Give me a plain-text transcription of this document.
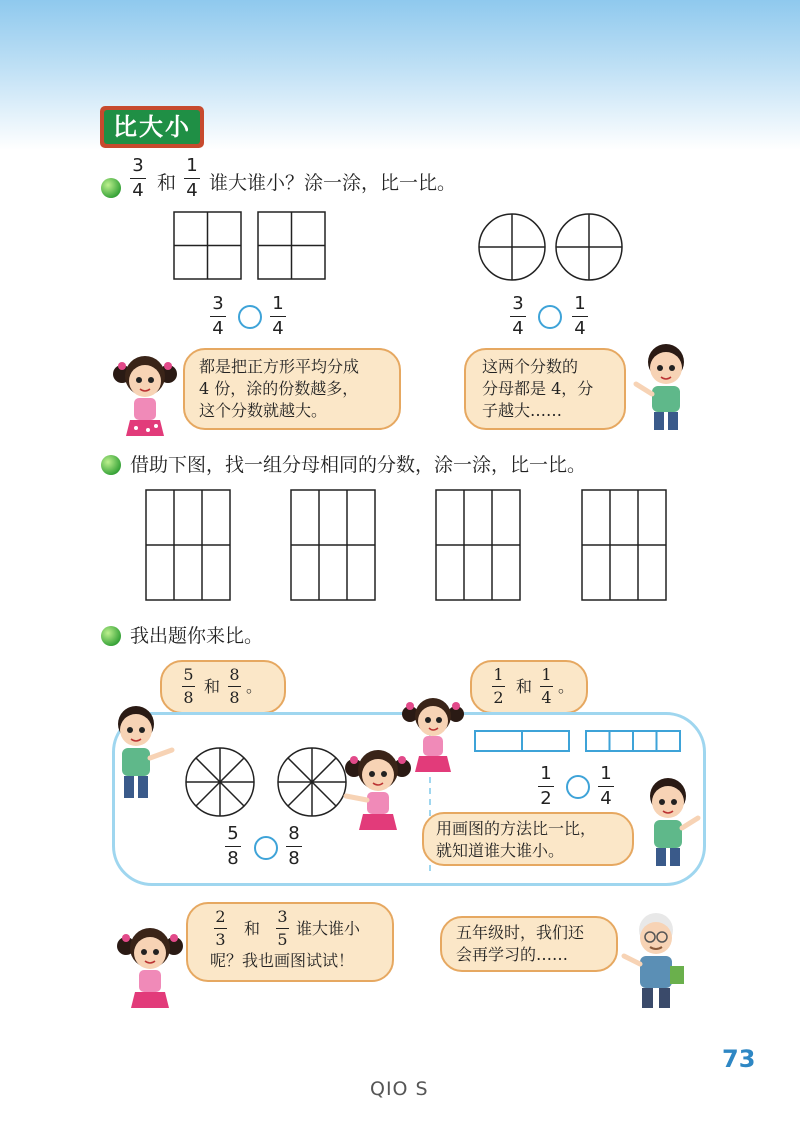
比大小
3
4 和
1
4 谁大谁小？涂一涂，比一比。
3
4
1
4
3
4
1
4
都是把正方形平均分成
4 份，涂的份数越多，
这个分数就越大。
这两个分数的
分母都是 4，分
子越大……
借助下图，找一组分母相同的分数，涂一涂，比一比。
我出题你来比。
5
8
和
8
8
。
1
2
和
1
4
。
5
8
8
8
1
2
1
4
用画图的方法比一比，
就知道谁大谁小。
2
3
和
3
5
谁大谁小
呢？我也画图试试！
五年级时，我们还
会再学习的……
73
QIO S
